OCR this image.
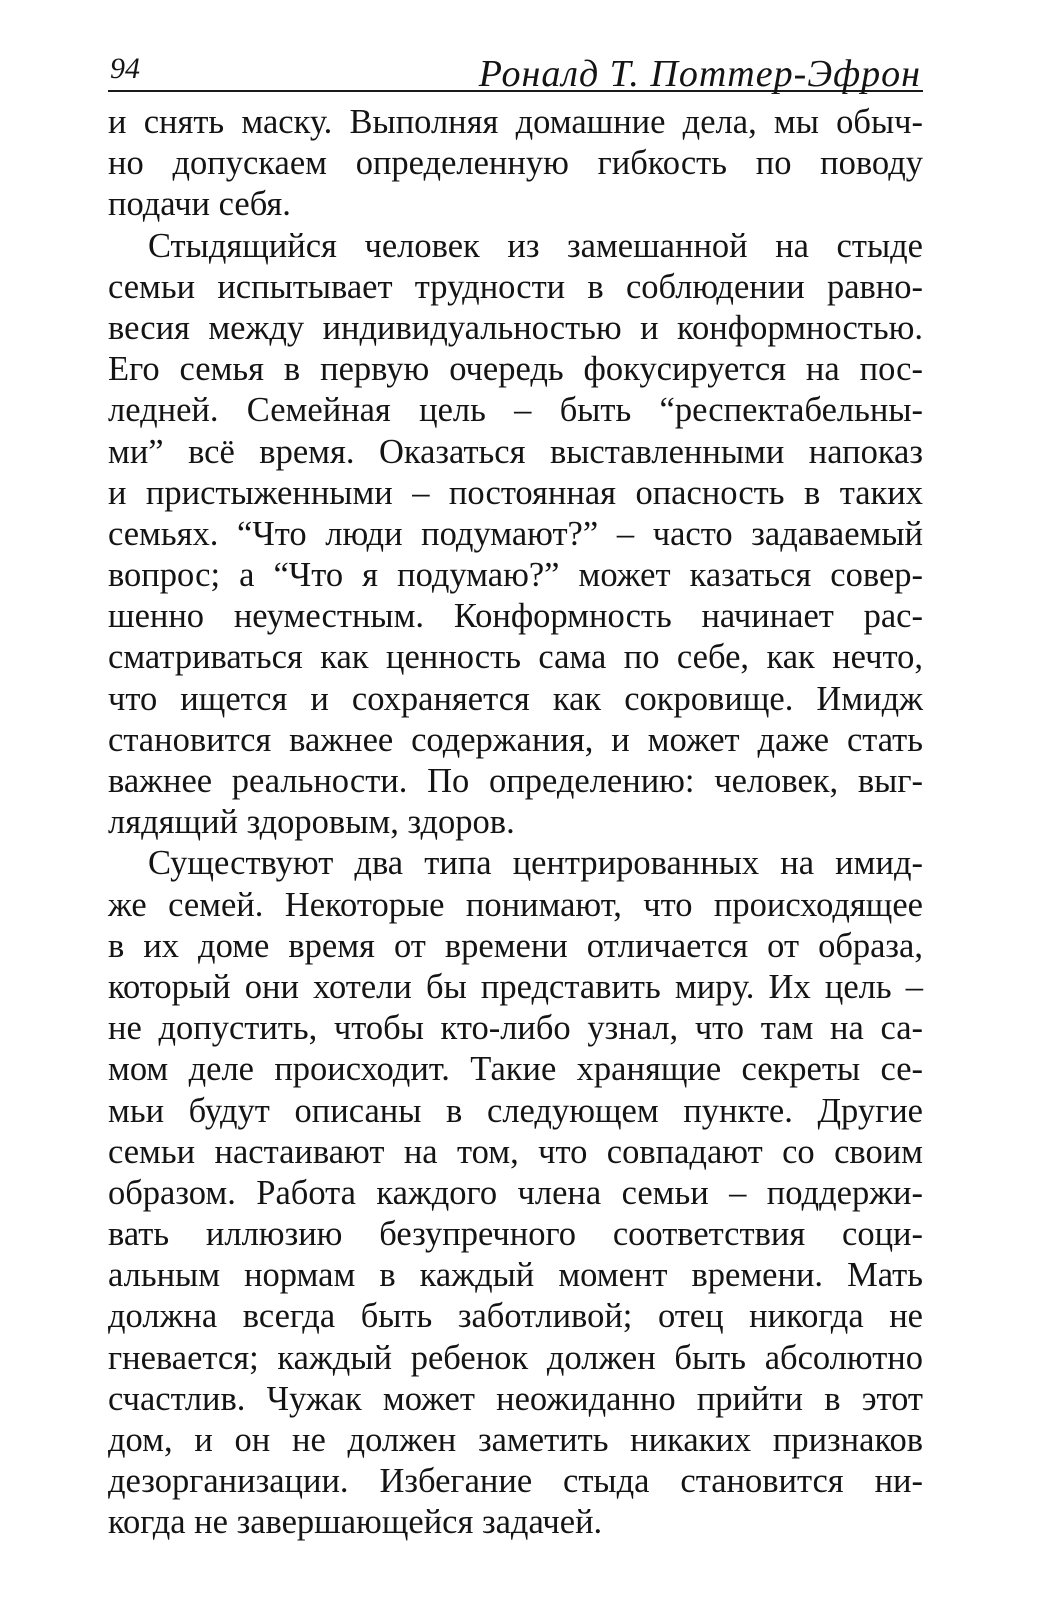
94	Роналд Т. Поттер-Эфрон
и снять маску. Выполняя домашние дела, мы обыч-
но допускаем определенную гибкость по поводу
подачи себя.
Стыдящийся человек из замешанной на стыде
семьи испытывает трудности в соблюдении равно-
весия между индивидуальностью и конформностью.
Его семья в первую очередь фокусируется на пос-
ледней. Семейная цель – быть “респектабельны-
ми” всё время. Оказаться выставленными напоказ
и пристыженными – постоянная опасность в таких
семьях. “Что люди подумают?” – часто задаваемый
вопрос; а “Что я подумаю?” может казаться совер-
шенно неуместным. Конформность начинает рас-
сматриваться как ценность сама по себе, как нечто,
что ищется и сохраняется как сокровище. Имидж
становится важнее содержания, и может даже стать
важнее реальности. По определению: человек, выг-
лядящий здоровым, здоров.
Существуют два типа центрированных на имид-
же семей. Некоторые понимают, что происходящее
в их доме время от времени отличается от образа,
который они хотели бы представить миру. Их цель –
не допустить, чтобы кто-либо узнал, что там на са-
мом деле происходит. Такие хранящие секреты се-
мьи будут описаны в следующем пункте. Другие
семьи настаивают на том, что совпадают со своим
образом. Работа каждого члена семьи – поддержи-
вать иллюзию безупречного соответствия соци-
альным нормам в каждый момент времени. Мать
должна всегда быть заботливой; отец никогда не
гневается; каждый ребенок должен быть абсолютно
счастлив. Чужак может неожиданно прийти в этот
дом, и он не должен заметить никаких признаков
дезорганизации. Избегание стыда становится ни-
когда не завершающейся задачей.
